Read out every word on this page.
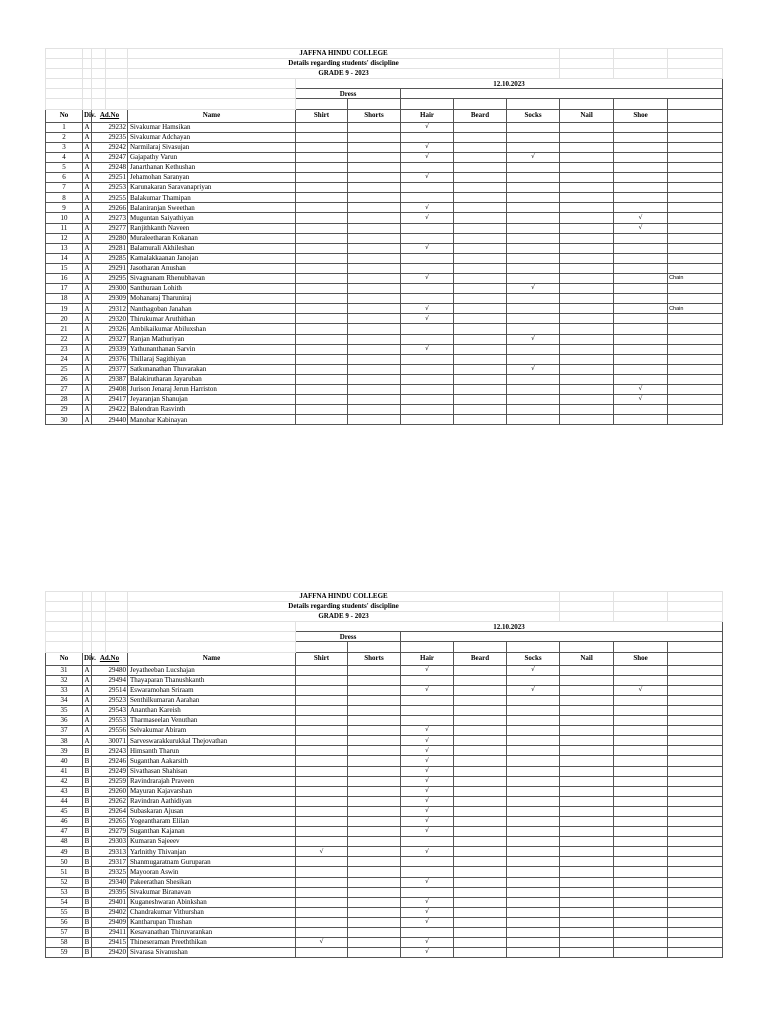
				JAFFNA HINDU COLLEGE								
				Details regarding students' discipline								
				GRADE 9 - 2023								
					12.10.2023							
					Dress							

No	Div.	Ad.No		Name	Shirt	Shorts	Hair	Beard	Socks	Nail	Shoe	
1	A	29232		Sivakumar Hamsikan			√					
2	A	29235		Sivakumar Adchayan								
3	A	29242		Narmilaraj Sivasujan			√					
4	A	29247		Gajapathy Varun			√		√			
5	A	29248		Janarthanan Kethushan								
6	A	29251		Jehamohan Saranyan			√					
7	A	29253		Karunakaran Saravanapriyan								
8	A	29255		Balakumar Thamipan								
9	A	29266		Balaniranjan Sweethan			√					
10	A	29273		Muguntan Saiyathiyan			√				√	
11	A	29277		Ranjithkanth Naveen							√	
12	A	29280		Muraleetharan Kokanan								
13	A	29281		Balamurali Akhileshan			√					
14	A	29285		Kamalakkaanan Janojan								
15	A	29291		Jasotharan Anushan								
16	A	29295		Sivagnanam Rhenubhavan			√					Chain
17	A	29300		Santhuraan Lohith					√			
18	A	29309		Mohanaraj Tharuniraj								
19	A	29312		Nanthagoban Janahan			√					Chain
20	A	29320		Thirukumar Aruthithan			√					
21	A	29326		Ambikaikumar Abiluxshan								
22	A	29327		Ranjan Mathuriyan					√			
23	A	29339		Yathunanthanan Sarvin			√					
24	A	29376		Thillaraj Sagithiyan								
25	A	29377		Satkunanathan Thuvarakan					√			
26	A	29387		Balakirutharan Jayaruban								
27	A	29408		Jurison Jenaraj Jerun Harriston							√	
28	A	29417		Jeyaranjan Shanujan							√	
29	A	29422		Balendran Rasvinth								
30	A	29440		Manohar Kabinayan								
				JAFFNA HINDU COLLEGE								
				Details regarding students' discipline								
				GRADE 9 - 2023								
					12.10.2023							
					Dress							

No	Div.	Ad.No		Name	Shirt	Shorts	Hair	Beard	Socks	Nail	Shoe	
31	A	29480		Jeyatheeban Lucshajan			√		√			
32	A	29494		Thayaparan Thanushkanth								
33	A	29514		Eswaramohan Sriraam			√		√		√	
34	A	29523		Senthilkumaran Aarahan								
35	A	29543		Ananthan Kareish								
36	A	29553		Tharmaseelan Venuthan								
37	A	29556		Selvakumar Abiram			√					
38	A	30071		Sarveswarakkurukkal Thejovathan			√					
39	B	29243		Himsanth Tharun			√					
40	B	29246		Suganthan Aakarsith			√					
41	B	29249		Sivathasan Shahisan			√					
42	B	29259		Ravindrarajah Praveen			√					
43	B	29260		Mayuran Kajavarshan			√					
44	B	29262		Ravindran Aathidiyan			√					
45	B	29264		Subaskaran Ajusan			√					
46	B	29265		Yogeantharam Elilan			√					
47	B	29279		Suganthan Kajanan			√					
48	B	29303		Kumaran Sajeeev								
49	B	29313		Yarlnithy Thivanjan	√		√					
50	B	29317		Shanmugaratnam Guruparan								
51	B	29325		Mayooran Aswin								
52	B	29340		Pakeerathan Shesikan			√					
53	B	29395		Sivakumar Biranavan								
54	B	29401		Kuganeshwaran Abinkshan			√					
55	B	29402		Chandrakumar Vithurshan			√					
56	B	29409		Kantharupan Thushan			√					
57	B	29411		Kesavanathan Thiruvarankan								
58	B	29415		Thineseraman Preeththikan	√		√					
59	B	29420		Sivarasa Sivanushan			√					
